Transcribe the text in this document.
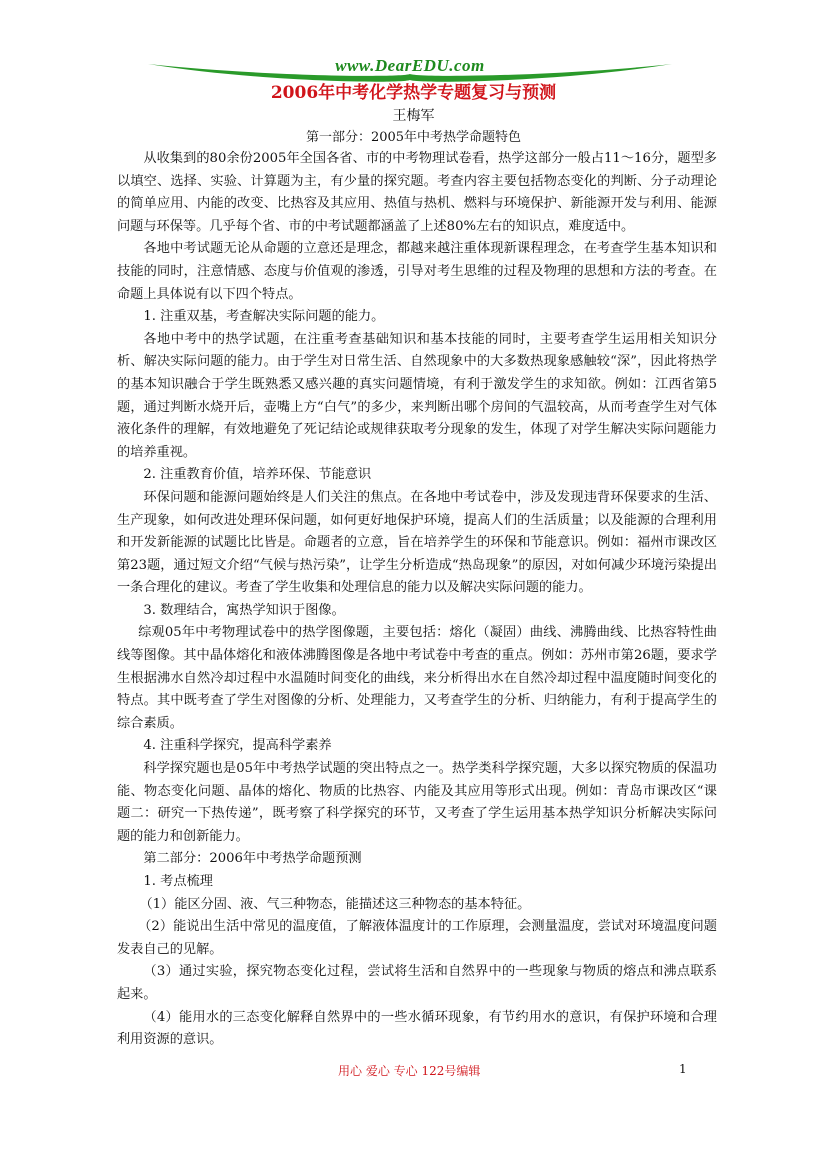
www.DearEDU.com
2006年中考化学热学专题复习与预测
王梅军
第一部分：2005年中考热学命题特色

从收集到的80余份2005年全国各省、市的中考物理试卷看，热学这部分一般占11～16分，题型多以填空、选择、实验、计算题为主，有少量的探究题。考查内容主要包括物态变化的判断、分子动理论的简单应用、内能的改变、比热容及其应用、热值与热机、燃料与环境保护、新能源开发与利用、能源问题与环保等。几乎每个省、市的中考试题都涵盖了上述80%左右的知识点，难度适中。

各地中考试题无论从命题的立意还是理念，都越来越注重体现新课程理念，在考查学生基本知识和技能的同时，注意情感、态度与价值观的渗透，引导对考生思维的过程及物理的思想和方法的考查。在命题上具体说有以下四个特点。

1. 注重双基，考查解决实际问题的能力。

各地中考中的热学试题，在注重考查基础知识和基本技能的同时，主要考查学生运用相关知识分析、解决实际问题的能力。由于学生对日常生活、自然现象中的大多数热现象感触较“深”，因此将热学的基本知识融合于学生既熟悉又感兴趣的真实问题情境，有利于激发学生的求知欲。例如：江西省第5题，通过判断水烧开后，壶嘴上方“白气”的多少，来判断出哪个房间的气温较高，从而考查学生对气体液化条件的理解，有效地避免了死记结论或规律获取考分现象的发生，体现了对学生解决实际问题能力的培养重视。

2. 注重教育价值，培养环保、节能意识

环保问题和能源问题始终是人们关注的焦点。在各地中考试卷中，涉及发现违背环保要求的生活、生产现象，如何改进处理环保问题，如何更好地保护环境，提高人们的生活质量；以及能源的合理利用和开发新能源的试题比比皆是。命题者的立意，旨在培养学生的环保和节能意识。例如：福州市课改区第23题，通过短文介绍“气候与热污染”，让学生分析造成“热岛现象”的原因，对如何减少环境污染提出一条合理化的建议。考查了学生收集和处理信息的能力以及解决实际问题的能力。

3. 数理结合，寓热学知识于图像。

综观05年中考物理试卷中的热学图像题，主要包括：熔化（凝固）曲线、沸腾曲线、比热容特性曲线等图像。其中晶体熔化和液体沸腾图像是各地中考试卷中考查的重点。例如：苏州市第26题，要求学生根据沸水自然冷却过程中水温随时间变化的曲线，来分析得出水在自然冷却过程中温度随时间变化的特点。其中既考查了学生对图像的分析、处理能力，又考查学生的分析、归纳能力，有利于提高学生的综合素质。

4. 注重科学探究，提高科学素养

科学探究题也是05年中考热学试题的突出特点之一。热学类科学探究题，大多以探究物质的保温功能、物态变化问题、晶体的熔化、物质的比热容、内能及其应用等形式出现。例如：青岛市课改区“课题二：研究一下热传递”，既考察了科学探究的环节，又考查了学生运用基本热学知识分析解决实际问题的能力和创新能力。

第二部分：2006年中考热学命题预测

1. 考点梳理

（1）能区分固、液、气三种物态，能描述这三种物态的基本特征。

（2）能说出生活中常见的温度值，了解液体温度计的工作原理，会测量温度，尝试对环境温度问题发表自己的见解。

（3）通过实验，探究物态变化过程，尝试将生活和自然界中的一些现象与物质的熔点和沸点联系起来。

（4）能用水的三态变化解释自然界中的一些水循环现象，有节约用水的意识，有保护环境和合理利用资源的意识。

用心 爱心 专心 122号编辑	1
